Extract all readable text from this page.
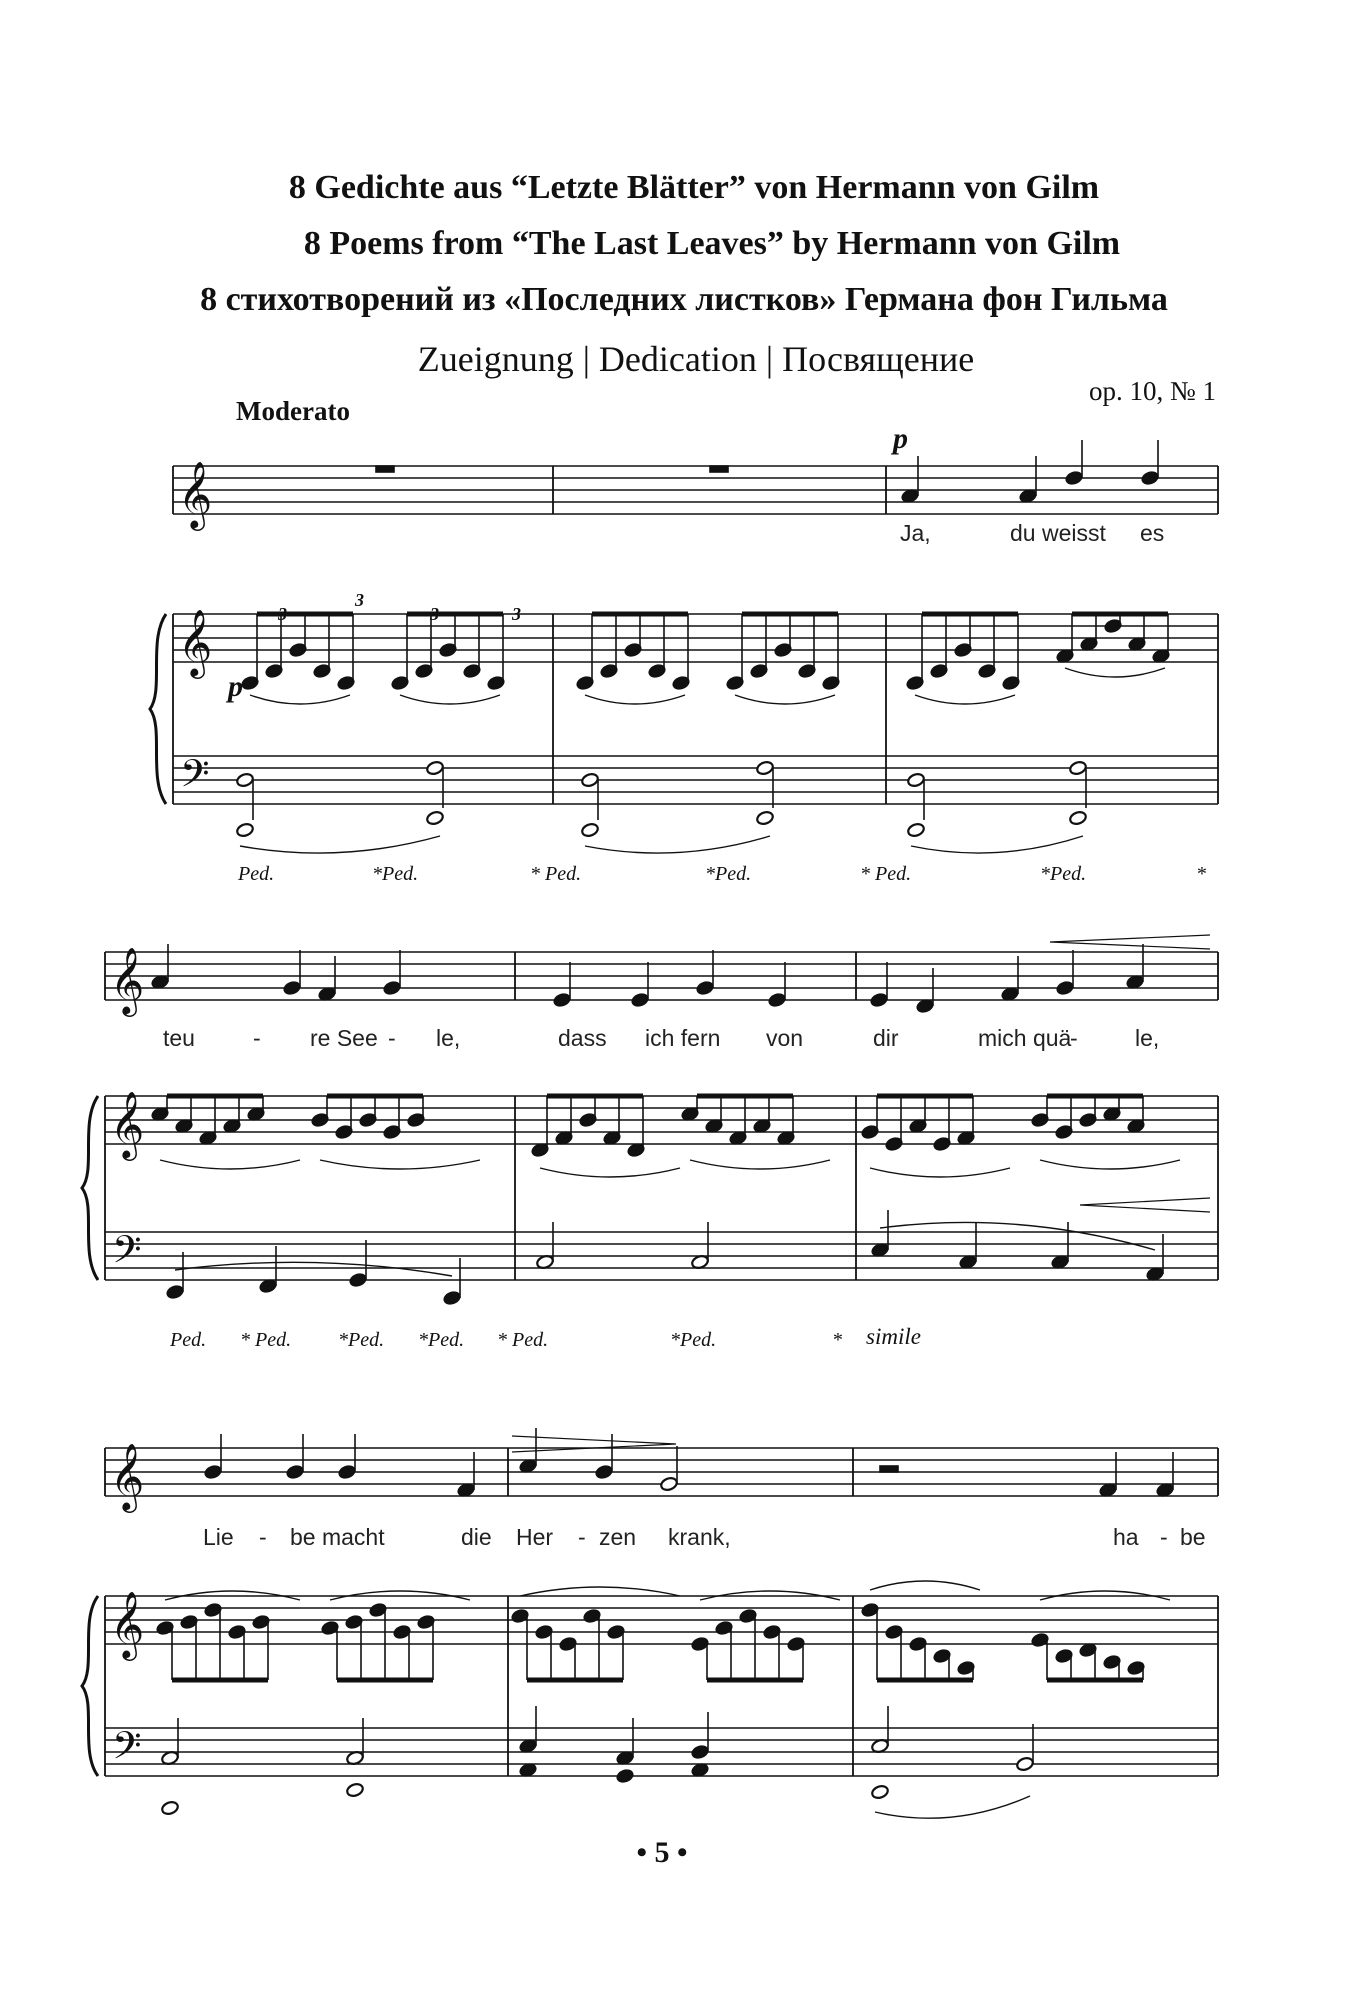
8 Gedichte aus “Letzte Blätter” von Hermann von Gilm
8 Poems from “The Last Leaves” by Hermann von Gilm
8 стихотворений из «Последних листков» Германа фон Гильма
Zueignung | Dedication | Посвящение
op. 10, № 1
Moderato
𝄞
𝄞
𝄢
𝄞
𝄞
𝄢
𝄞
𝄞
𝄢
Ja,	du weisst es
p
p
3
3
3	3
Ped.	*Ped.	* Ped.	*Ped.	* Ped.	*Ped.	*
teu	- re See - le,	dass ich fern von	dir	mich quä
- le,
Ped. * Ped. *Ped. *Ped. * Ped.	*Ped.	* simile
Lie - be macht	die Her - zen krank,	ha - be
• 5 •
